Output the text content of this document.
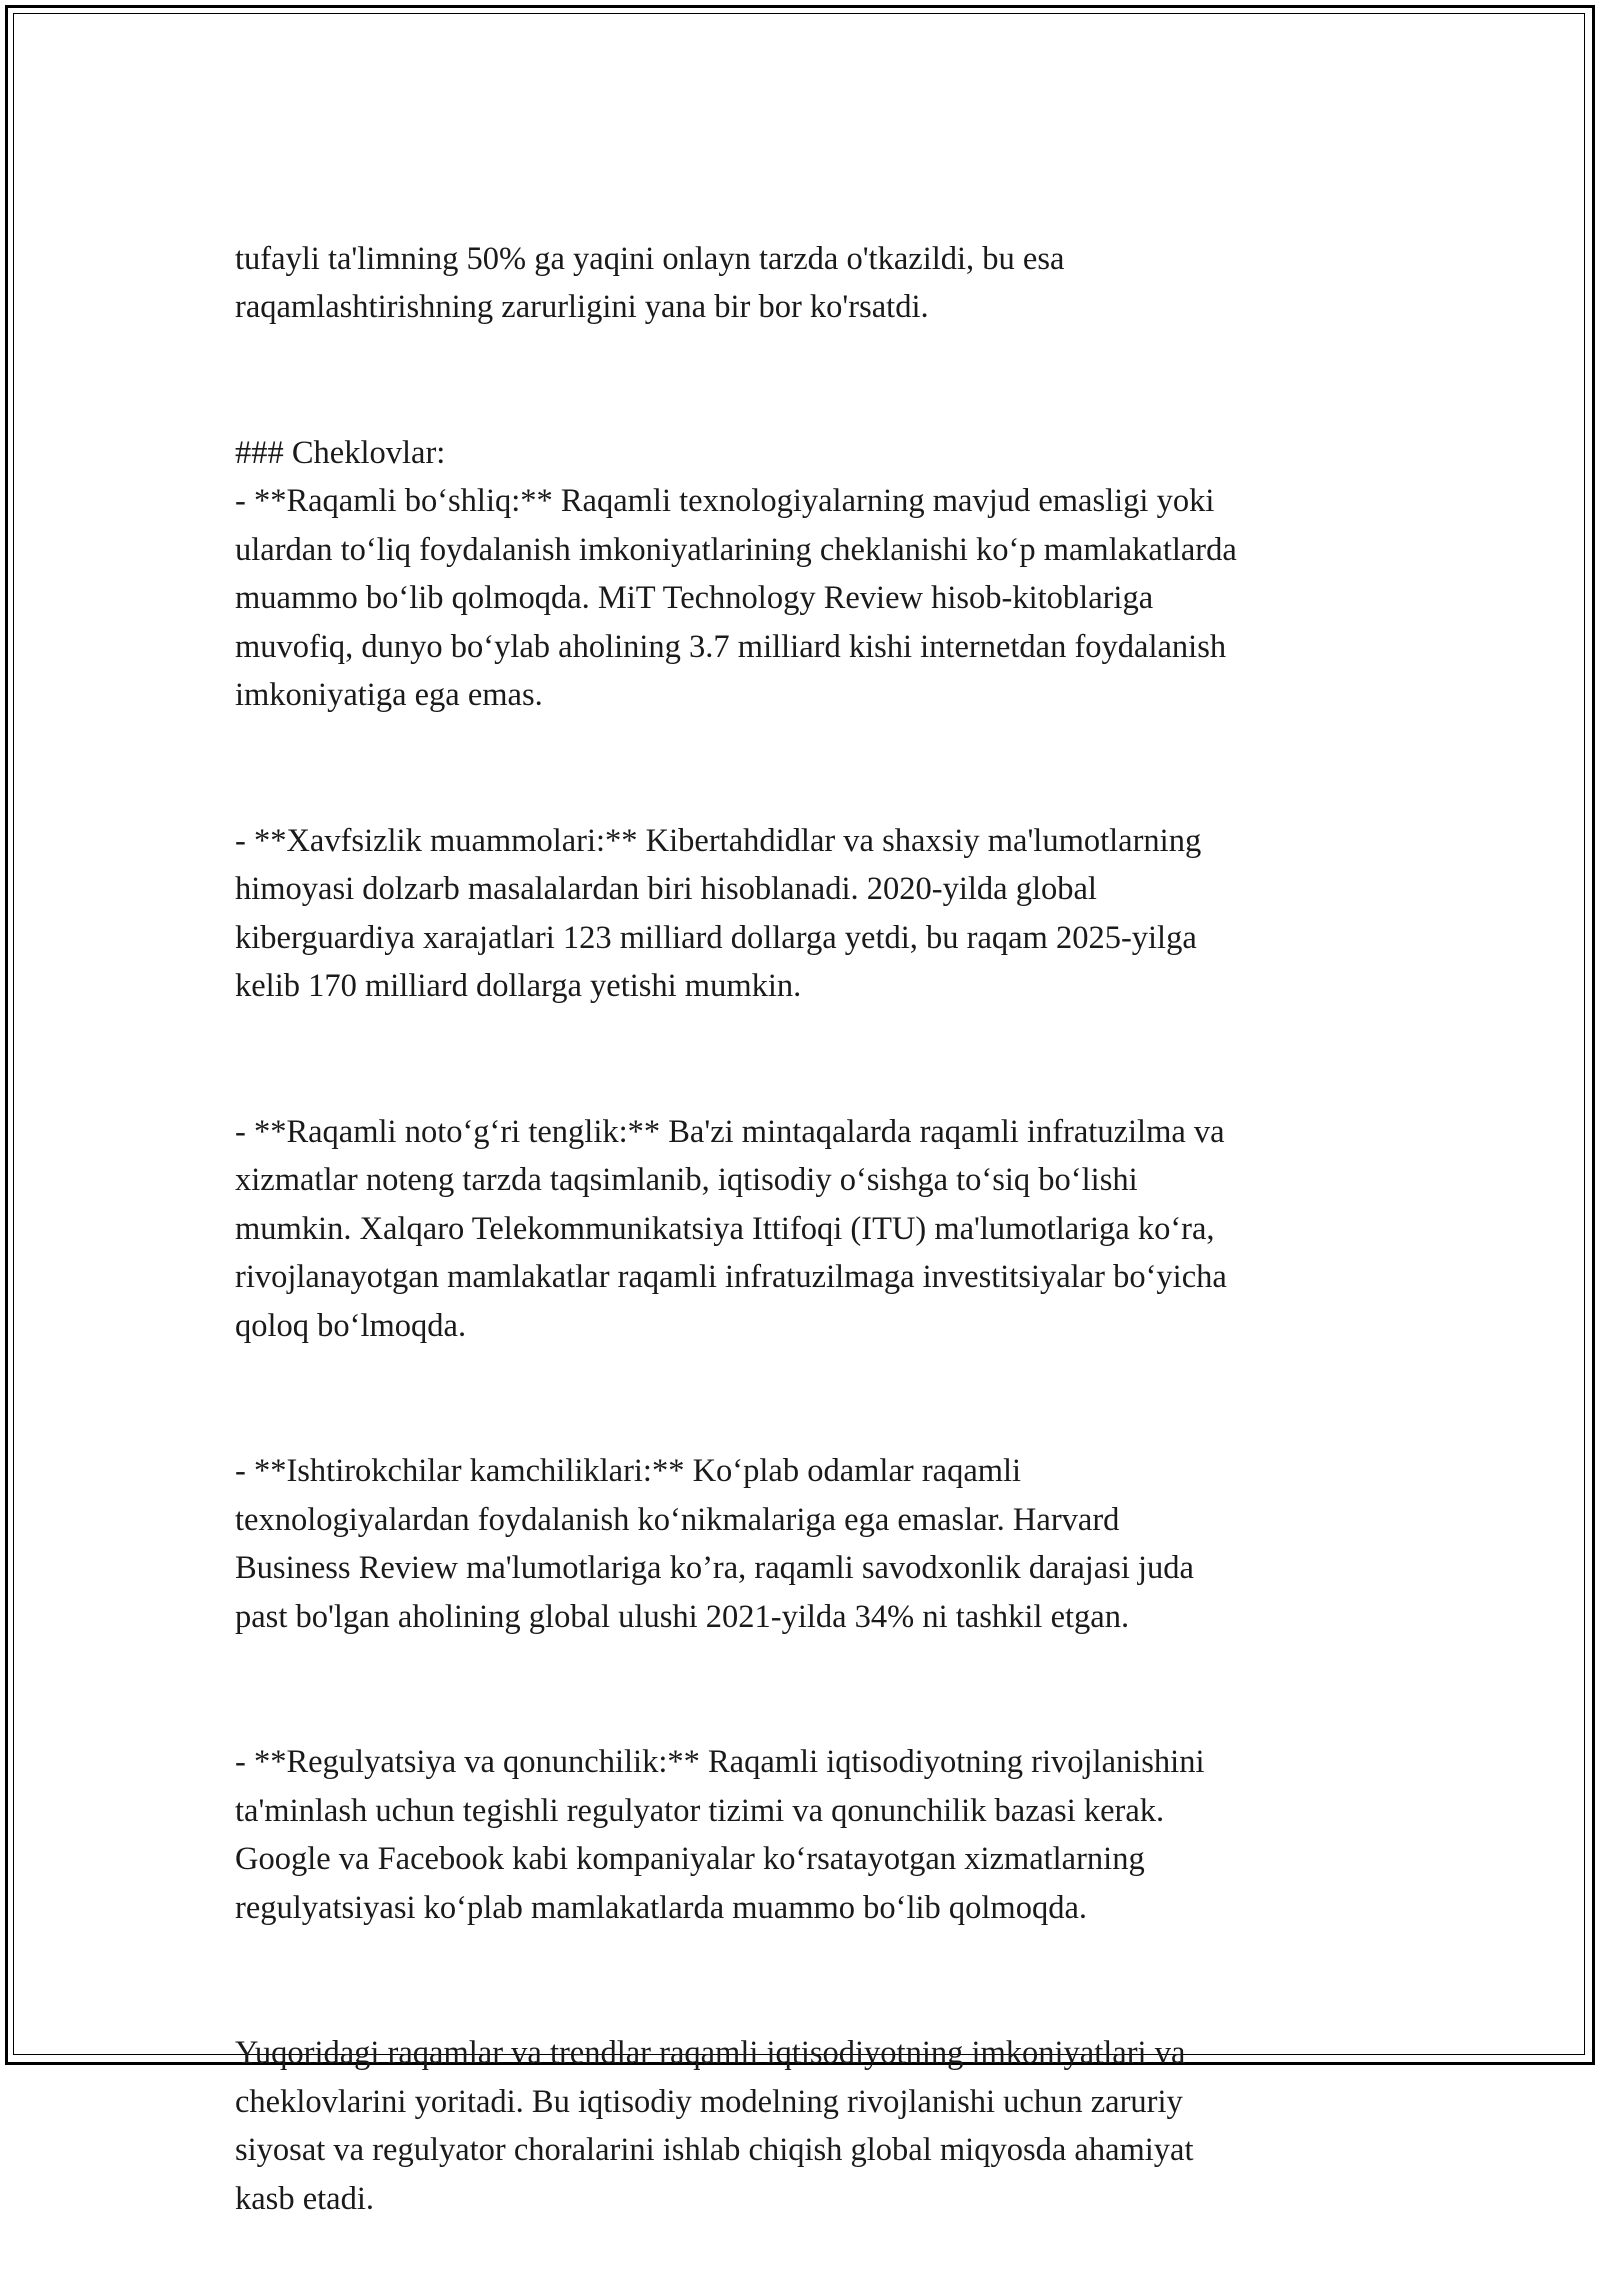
tufayli ta'limning 50% ga yaqini onlayn tarzda o'tkazildi, bu esa
raqamlashtirishning zarurligini yana bir bor ko'rsatdi.

### Cheklovlar:
- **Raqamli bo‘shliq:** Raqamli texnologiyalarning mavjud emasligi yoki
ulardan to‘liq foydalanish imkoniyatlarining cheklanishi ko‘p mamlakatlarda
muammo bo‘lib qolmoqda. MiT Technology Review hisob-kitoblariga
muvofiq, dunyo bo‘ylab aholining 3.7 milliard kishi internetdan foydalanish
imkoniyatiga ega emas.

- **Xavfsizlik muammolari:** Kibertahdidlar va shaxsiy ma'lumotlarning
himoyasi dolzarb masalalardan biri hisoblanadi. 2020-yilda global
kiberguardiya xarajatlari 123 milliard dollarga yetdi, bu raqam 2025-yilga
kelib 170 milliard dollarga yetishi mumkin.

- **Raqamli noto‘g‘ri tenglik:** Ba'zi mintaqalarda raqamli infratuzilma va
xizmatlar noteng tarzda taqsimlanib, iqtisodiy o‘sishga to‘siq bo‘lishi
mumkin. Xalqaro Telekommunikatsiya Ittifoqi (ITU) ma'lumotlariga ko‘ra,
rivojlanayotgan mamlakatlar raqamli infratuzilmaga investitsiyalar bo‘yicha
qoloq bo‘lmoqda.

- **Ishtirokchilar kamchiliklari:** Ko‘plab odamlar raqamli
texnologiyalardan foydalanish ko‘nikmalariga ega emaslar. Harvard
Business Review ma'lumotlariga ko’ra, raqamli savodxonlik darajasi juda
past bo'lgan aholining global ulushi 2021-yilda 34% ni tashkil etgan.

- **Regulyatsiya va qonunchilik:** Raqamli iqtisodiyotning rivojlanishini
ta'minlash uchun tegishli regulyator tizimi va qonunchilik bazasi kerak.
Google va Facebook kabi kompaniyalar ko‘rsatayotgan xizmatlarning
regulyatsiyasi ko‘plab mamlakatlarda muammo bo‘lib qolmoqda.

Yuqoridagi raqamlar va trendlar raqamli iqtisodiyotning imkoniyatlari va
cheklovlarini yoritadi. Bu iqtisodiy modelning rivojlanishi uchun zaruriy
siyosat va regulyator choralarini ishlab chiqish global miqyosda ahamiyat
kasb etadi.
